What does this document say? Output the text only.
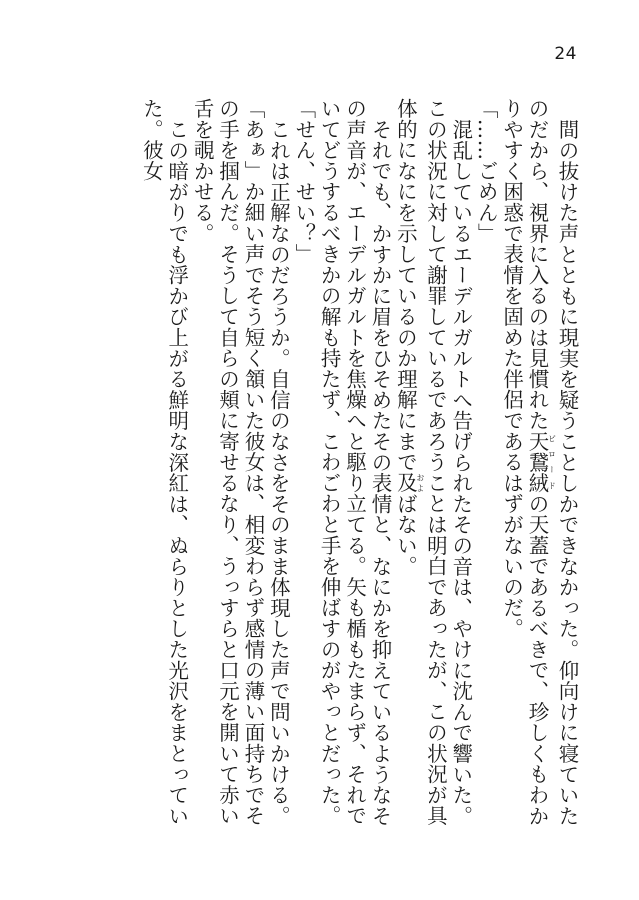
24

間の抜けた声とともに現実を疑うことしかできなかった。仰向けに寝ていたのだから、視界に入るのは見慣れた天鵞絨ビロードの天蓋であるべきで、珍しくもわかりやすく困惑で表情を固めた伴侶であるはずがないのだ。

「……ごめん」

混乱しているエーデルガルトへ告げられたその音は、やけに沈んで響いた。この状況に対して謝罪しているであろうことは明白であったが、この状況が具体的になにを示しているのか理解にまで及およばない。

それでも、かすかに眉をひそめたその表情と、なにかを抑えているようなその声音が、エーデルガルトを焦燥へと駆り立てる。矢も楯もたまらず、それでいてどうするべきかの解も持たず、こわごわと手を伸ばすのがやっとだった。

「せん、せい？」

これは正解なのだろうか。自信のなさをそのまま体現した声で問いかける。「あぁ」か細い声でそう短く頷いた彼女は、相変わらず感情の薄い面持ちでその手を掴んだ。そうして自らの頬に寄せるなり、うっすらと口元を開いて赤い舌を覗かせる。

この暗がりでも浮かび上がる鮮明な深紅は、ぬらりとした光沢をまとっていた。彼女
